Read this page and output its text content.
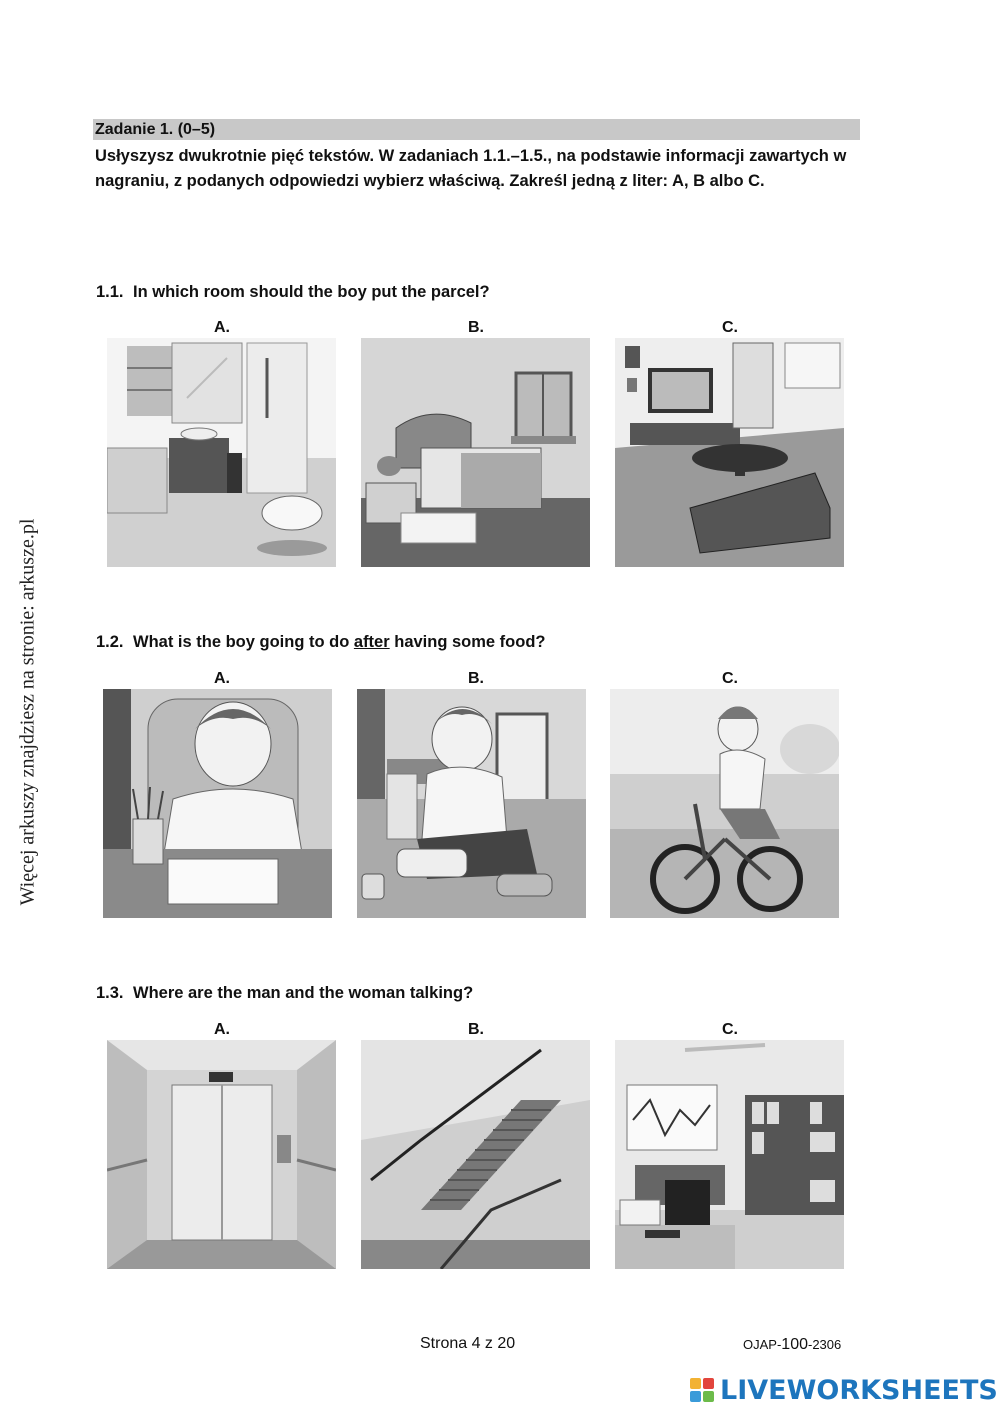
Więcej arkuszy znajdziesz na stronie: arkusze.pl
Zadanie 1. (0–5)
Usłyszysz dwukrotnie pięć tekstów. W zadaniach 1.1.–1.5., na podstawie informacji zawartych w nagraniu, z podanych odpowiedzi wybierz właściwą. Zakreśl jedną z liter: A, B albo C.
1.1. In which room should the boy put the parcel?
A.	B.	C.
1.2. What is the boy going to do after having some food?
A.	B.	C.
1.3. Where are the man and the woman talking?
A.	B.	C.
Strona 4 z 20	OJAP-100-2306
LIVEWORKSHEETS
